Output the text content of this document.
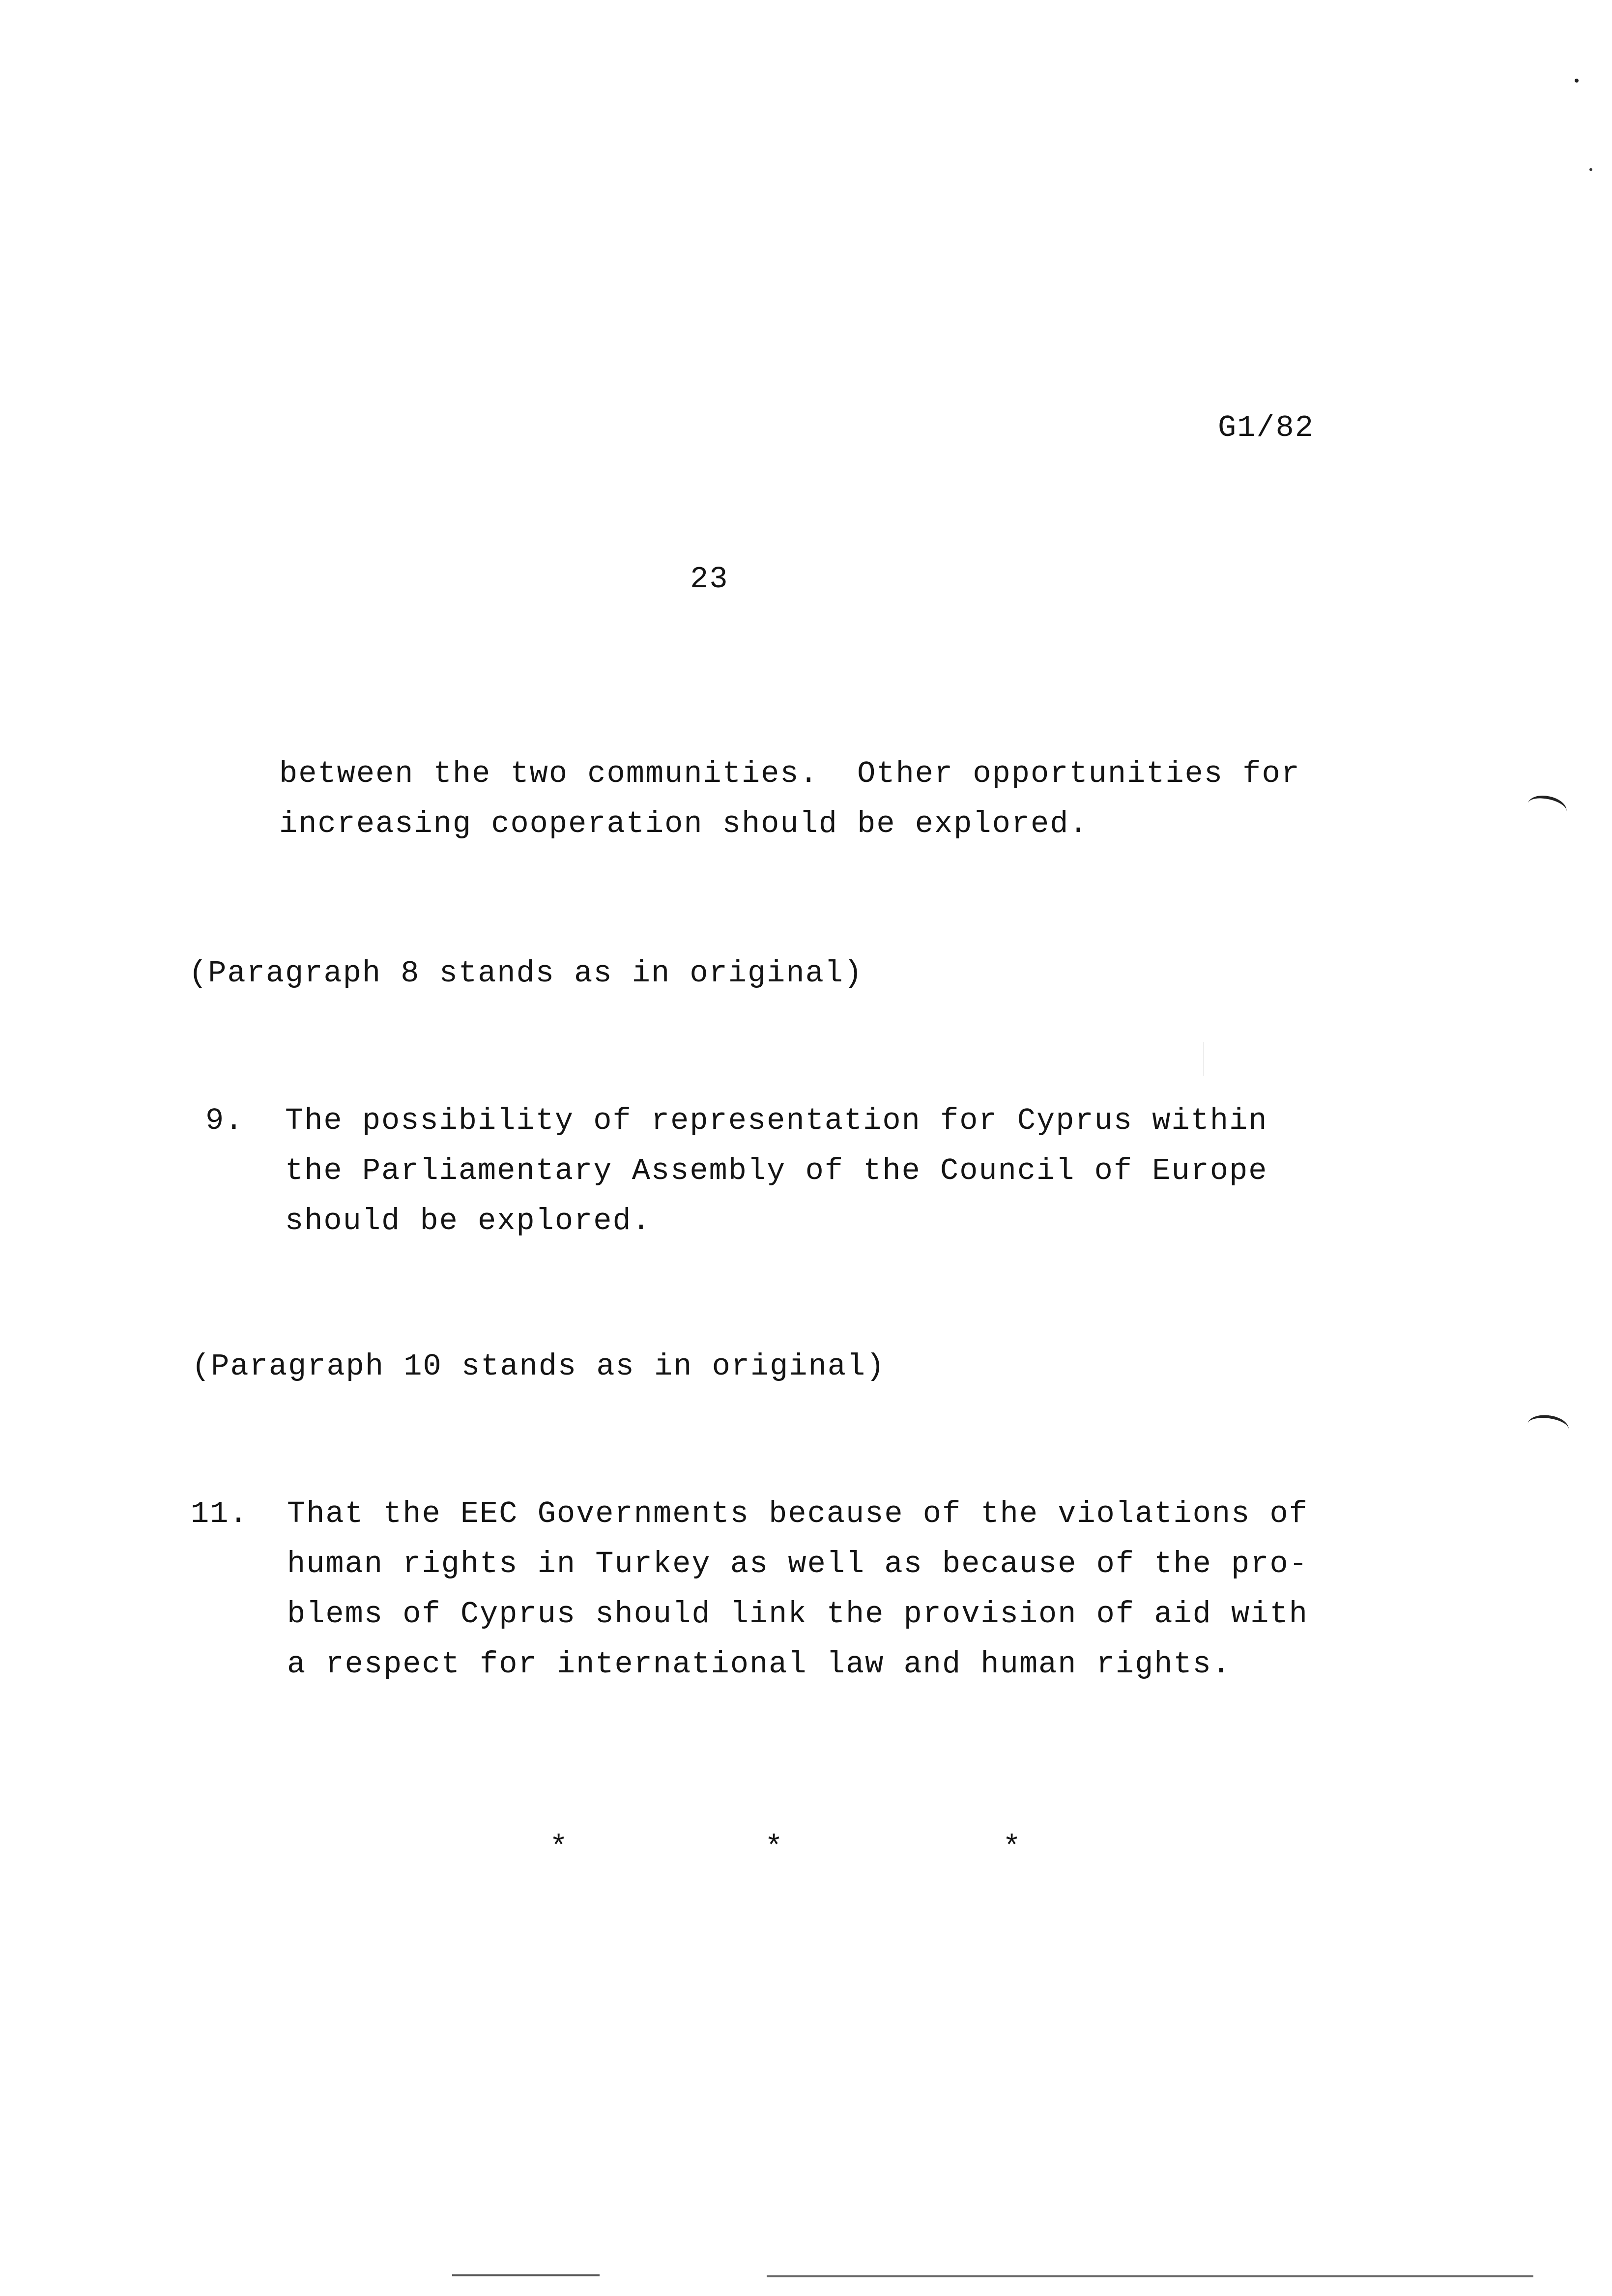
G1/82
23
between the two communities.  Other opportunities for
increasing cooperation should be explored.
(Paragraph 8 stands as in original)
9. The possibility of representation for Cyprus within
the Parliamentary Assembly of the Council of Europe
should be explored.
(Paragraph 10 stands as in original)
11. That the EEC Governments because of the violations of
human rights in Turkey as well as because of the pro-
blems of Cyprus should link the provision of aid with
a respect for international law and human rights.
*	*	*
